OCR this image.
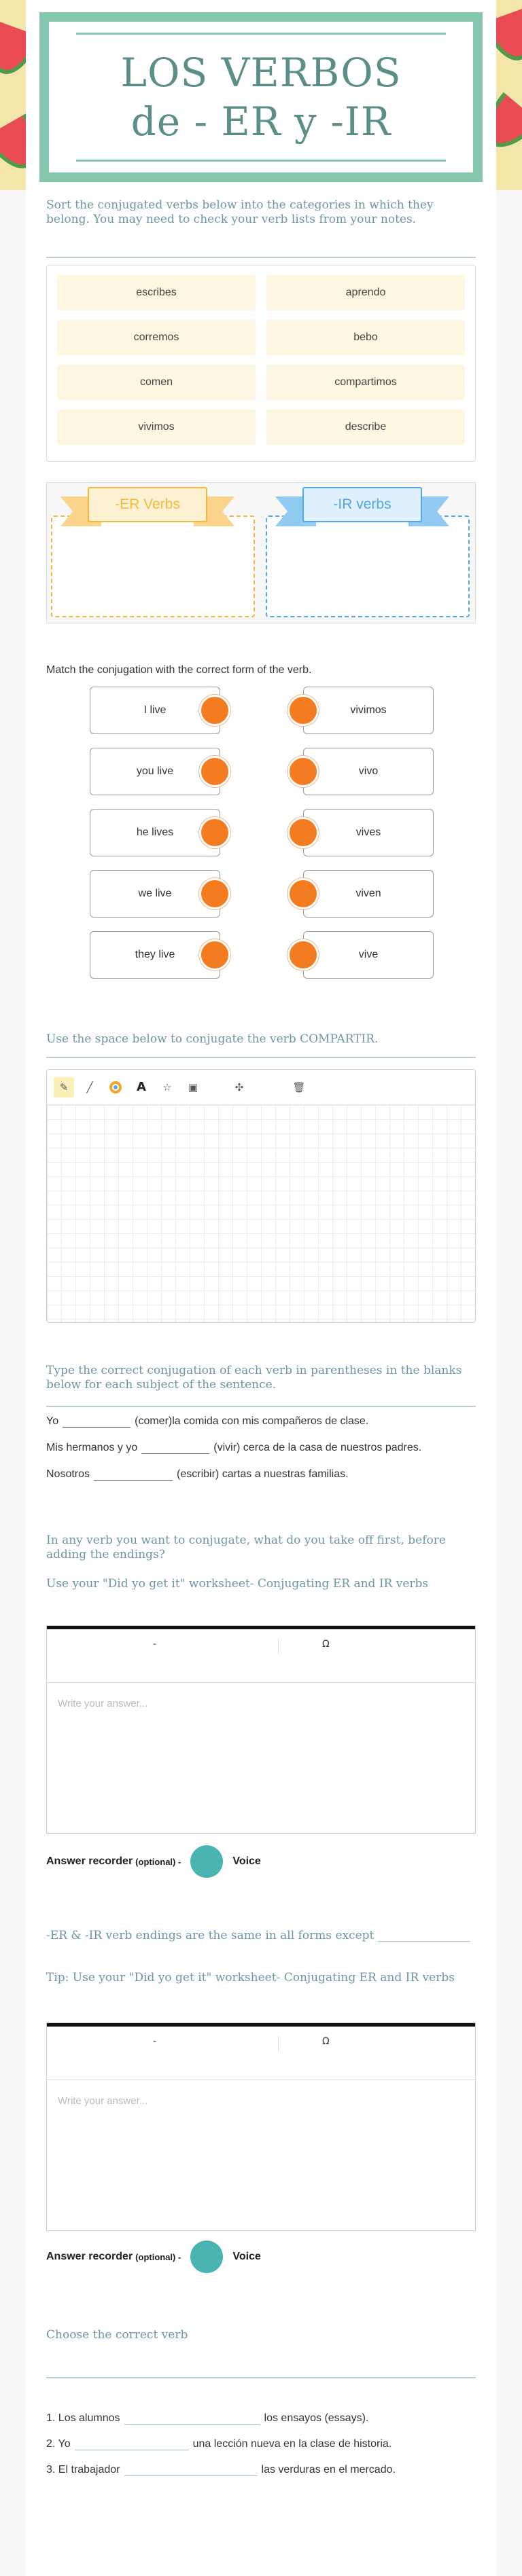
LOS VERBOS de - ER y -IR

Sort the conjugated verbs below into the categories in which they belong. You may need to check your verb lists from your notes.

escribes	aprendo
corremos	bebo
comen	compartimos
vivimos	describe
-ER Verbs	-IR verbs
Match the conjugation with the correct form of the verb.
I live	vivimos
you live	vivo
he lives	vives
we live	viven
they live	vive

Use the space below to conjugate the verb COMPARTIR.

✎	╱	A	☆	▣	✣	🗑

Type the correct conjugation of each verb in parentheses in the blanks below for each subject of the sentence.

Yo	(comer)la comida con mis compañeros de clase.
Mis hermanos y yo	(vivir) cerca de la casa de nuestros padres.
Nosotros	(escribir) cartas a nuestras familias.

In any verb you want to conjugate, what do you take off first, before adding the endings?

Use your "Did yo get it" worksheet- Conjugating ER and IR verbs

-	Ω
Write your answer...
Answer recorder (optional) -	Voice

-ER & -IR verb endings are the same in all forms except ________________

Tip: Use your "Did yo get it" worksheet- Conjugating ER and IR verbs

-	Ω
Write your answer...
Answer recorder (optional) -	Voice

Choose the correct verb

1. Los alumnos	los ensayos (essays).
2. Yo	una lección nueva en la clase de historia.
3. El trabajador	las verduras en el mercado.
